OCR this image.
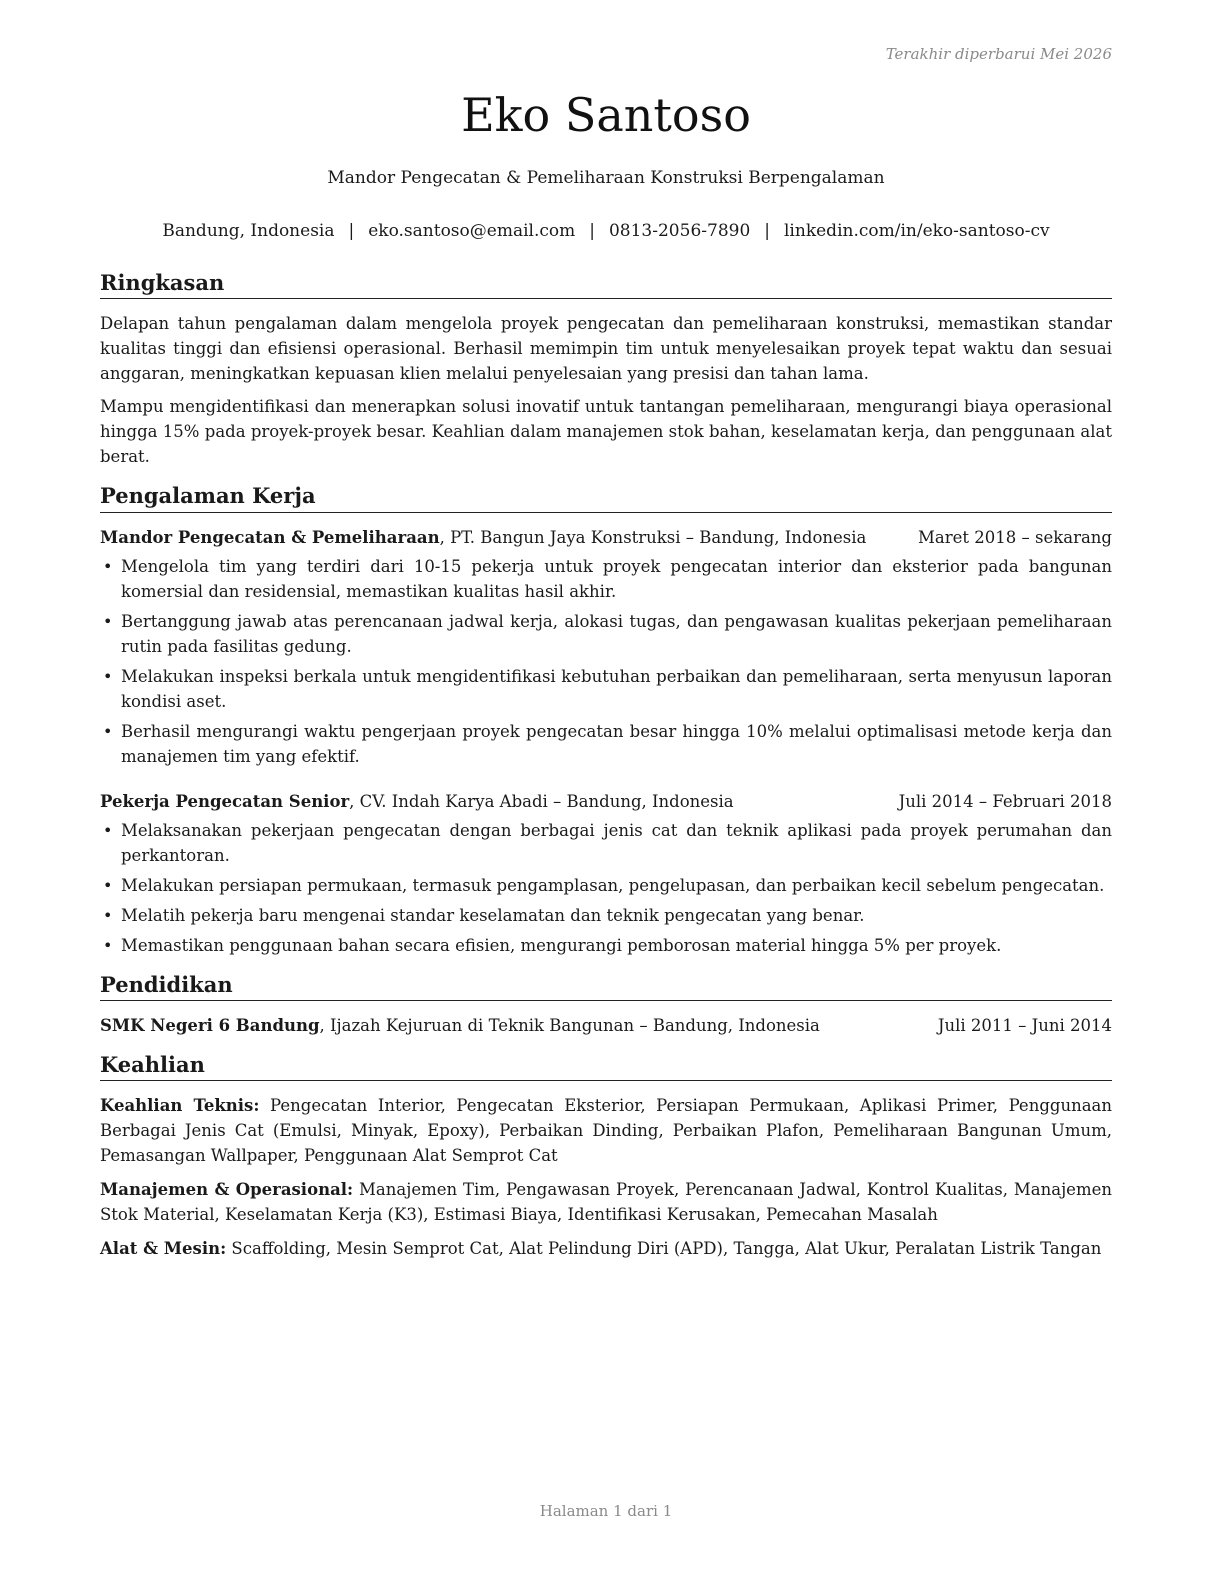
Terakhir diperbarui Mei 2026
Eko Santoso
Mandor Pengecatan & Pemeliharaan Konstruksi Berpengalaman
Bandung, Indonesia | eko.santoso@email.com | 0813-2056-7890 | linkedin.com/in/eko-santoso-cv
Ringkasan

Delapan tahun pengalaman dalam mengelola proyek pengecatan dan pemeliharaan konstruksi, memastikan standar kualitas tinggi dan efisiensi operasional. Berhasil memimpin tim untuk menyelesaikan proyek tepat waktu dan sesuai anggaran, meningkatkan kepuasan klien melalui penyelesaian yang presisi dan tahan lama.

Mampu mengidentifikasi dan menerapkan solusi inovatif untuk tantangan pemeliharaan, mengurangi biaya operasional hingga 15% pada proyek-proyek besar. Keahlian dalam manajemen stok bahan, keselamatan kerja, dan penggunaan alat berat.

Pengalaman Kerja
Mandor Pengecatan & Pemeliharaan, PT. Bangun Jaya Konstruksi – Bandung, Indonesia	Maret 2018 – sekarang
• Mengelola tim yang terdiri dari 10-15 pekerja untuk proyek pengecatan interior dan eksterior pada bangunan komersial dan residensial, memastikan kualitas hasil akhir.
• Bertanggung jawab atas perencanaan jadwal kerja, alokasi tugas, dan pengawasan kualitas pekerjaan pemeliharaan rutin pada fasilitas gedung.
• Melakukan inspeksi berkala untuk mengidentifikasi kebutuhan perbaikan dan pemeliharaan, serta menyusun laporan kondisi aset.
• Berhasil mengurangi waktu pengerjaan proyek pengecatan besar hingga 10% melalui optimalisasi metode kerja dan manajemen tim yang efektif.
Pekerja Pengecatan Senior, CV. Indah Karya Abadi – Bandung, Indonesia	Juli 2014 – Februari 2018
• Melaksanakan pekerjaan pengecatan dengan berbagai jenis cat dan teknik aplikasi pada proyek perumahan dan perkantoran.
• Melakukan persiapan permukaan, termasuk pengamplasan, pengelupasan, dan perbaikan kecil sebelum pengecatan.
• Melatih pekerja baru mengenai standar keselamatan dan teknik pengecatan yang benar.
• Memastikan penggunaan bahan secara efisien, mengurangi pemborosan material hingga 5% per proyek.
Pendidikan
SMK Negeri 6 Bandung, Ijazah Kejuruan di Teknik Bangunan – Bandung, Indonesia	Juli 2011 – Juni 2014
Keahlian

Keahlian Teknis: Pengecatan Interior, Pengecatan Eksterior, Persiapan Permukaan, Aplikasi Primer, Penggunaan Berbagai Jenis Cat (Emulsi, Minyak, Epoxy), Perbaikan Dinding, Perbaikan Plafon, Pemeliharaan Bangunan Umum, Pemasangan Wallpaper, Penggunaan Alat Semprot Cat

Manajemen & Operasional: Manajemen Tim, Pengawasan Proyek, Perencanaan Jadwal, Kontrol Kualitas, Manajemen Stok Material, Keselamatan Kerja (K3), Estimasi Biaya, Identifikasi Kerusakan, Pemecahan Masalah

Alat & Mesin: Scaffolding, Mesin Semprot Cat, Alat Pelindung Diri (APD), Tangga, Alat Ukur, Peralatan Listrik Tangan

Halaman 1 dari 1
